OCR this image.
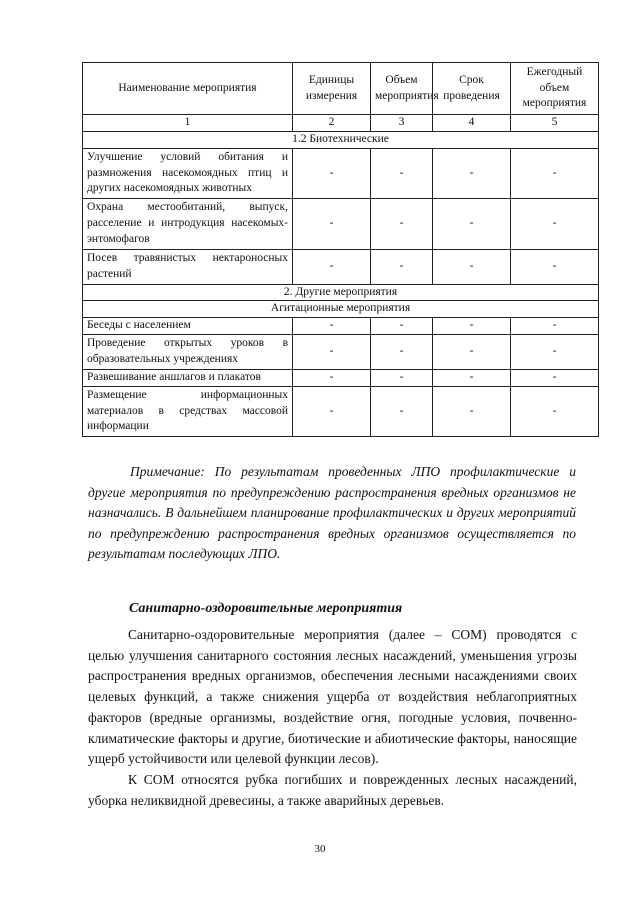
Наименование мероприятия	Единицы измерения	Объем мероприятия	Срок проведения	Ежегодный объем мероприятия
1	2	3	4	5
1.2 Биотехнические				
Улучшение условий обитания и размножения насекомоядных птиц и других насекомоядных животных	-	-	-	-
Охрана местообитаний, выпуск, расселение и интродукция насекомых-энтомофагов	-	-	-	-
Посев травянистых нектароносных растений	-	-	-	-
2. Другие мероприятия				
Агитационные мероприятия				
Беседы с населением	-	-	-	-
Проведение открытых уроков в образовательных учреждениях	-	-	-	-
Развешивание аншлагов и плакатов	-	-	-	-
Размещение информационных материалов в средствах массовой информации	-	-	-	-

Примечание: По результатам проведенных ЛПО профилактические и другие мероприятия по предупреждению распространения вредных организмов не назначались. В дальнейшем планирование профилактических и других мероприятий по предупреждению распространения вредных организмов осуществляется по результатам последующих ЛПО.

Санитарно-оздоровительные мероприятия

Санитарно-оздоровительные мероприятия (далее – СОМ) проводятся с целью улучшения санитарного состояния лесных насаждений, уменьшения угрозы распространения вредных организмов, обеспечения лесными насаждениями своих целевых функций, а также снижения ущерба от воздействия неблагоприятных факторов (вредные организмы, воздействие огня, погодные условия, почвенно-климатические факторы и другие, биотические и абиотические факторы, наносящие ущерб устойчивости или целевой функции лесов).

К СОМ относятся рубка погибших и поврежденных лесных насаждений, уборка неликвидной древесины, а также аварийных деревьев.

30
